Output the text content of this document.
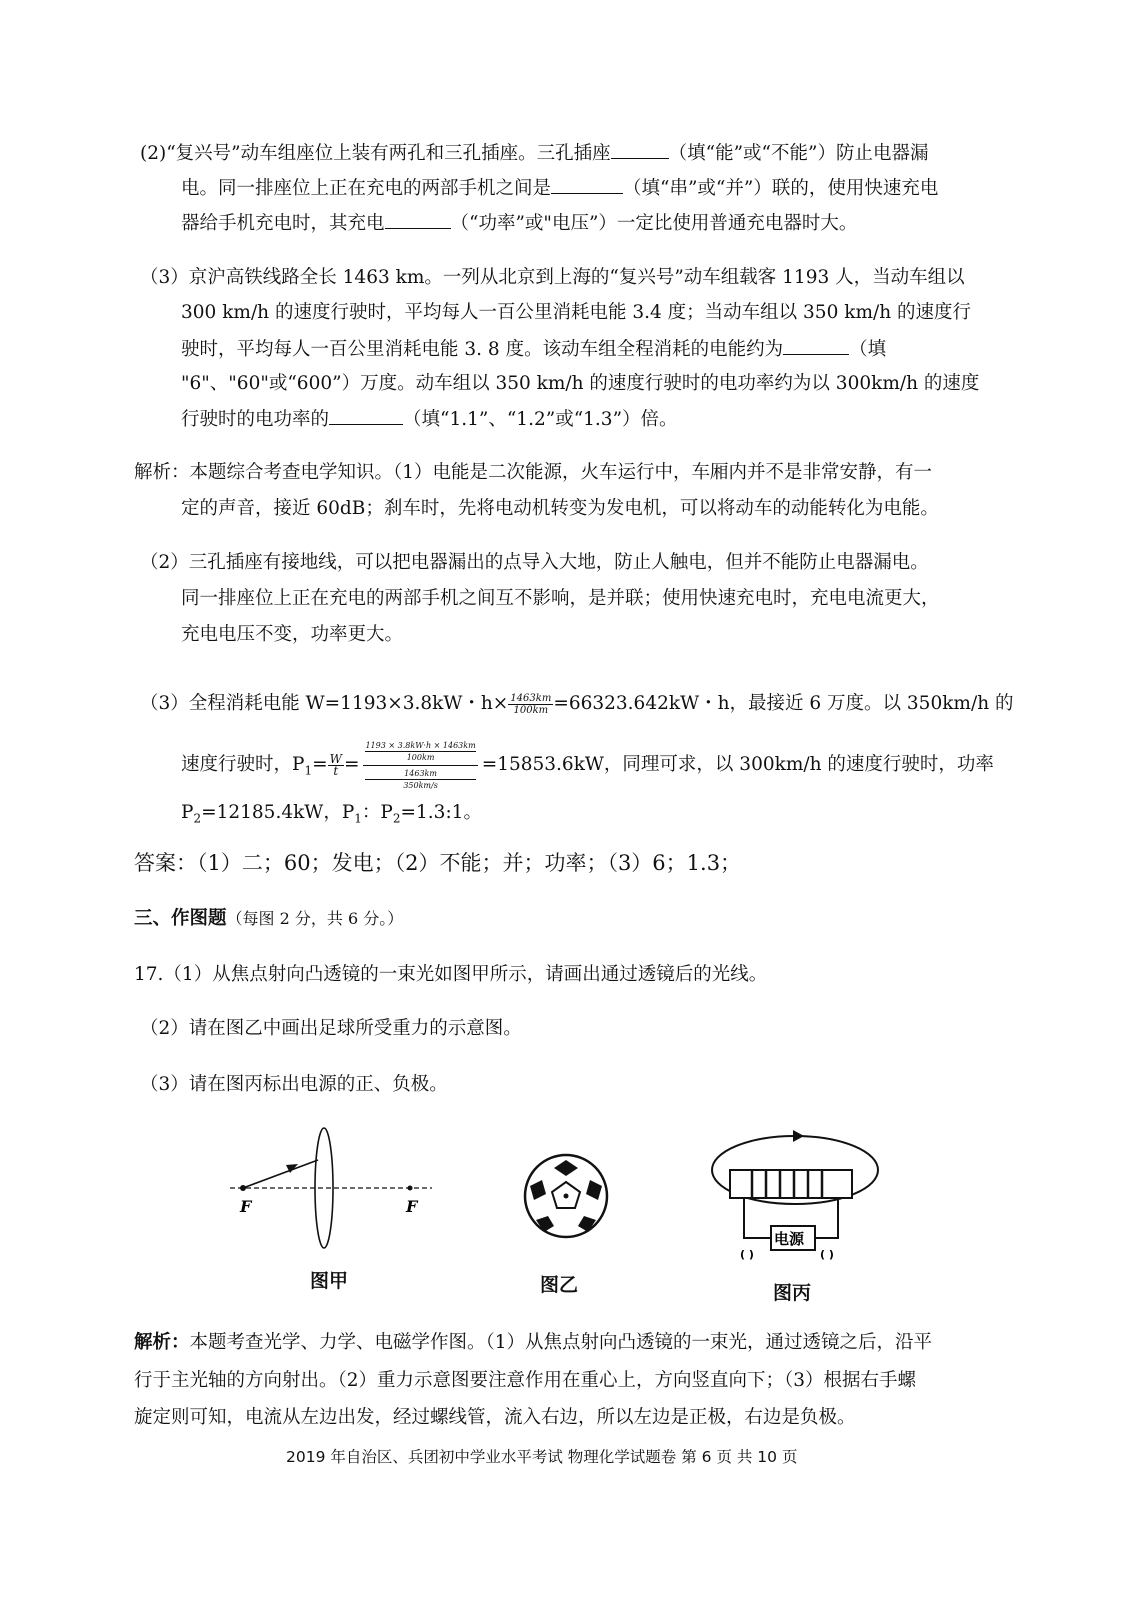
(2)“复兴号”动车组座位上装有两孔和三孔插座。三孔插座	（填“能”或“不能”）防止电器漏
电。同一排座位上正在充电的两部手机之间是	（填“串”或“并”）联的，使用快速充电
器给手机充电时，其充电	（“功率”或"电压”）一定比使用普通充电器时大。
（3）京沪高铁线路全长 1463 km。一列从北京到上海的“复兴号”动车组载客 1193 人，当动车组以
300 km/h 的速度行驶时，平均每人一百公里消耗电能 3.4 度；当动车组以 350 km/h 的速度行
驶时，平均每人一百公里消耗电能 3. 8 度。该动车组全程消耗的电能约为	（填
"6"、"60"或“600”）万度。动车组以 350 km/h 的速度行驶时的电功率约为以 300km/h 的速度
行驶时的电功率的	（填“1.1”、“1.2”或“1.3”）倍。
解析：本题综合考查电学知识。（1）电能是二次能源，火车运行中，车厢内并不是非常安静，有一
定的声音，接近 60dB；刹车时，先将电动机转变为发电机，可以将动车的动能转化为电能。
（2）三孔插座有接地线，可以把电器漏出的点导入大地，防止人触电，但并不能防止电器漏电。
同一排座位上正在充电的两部手机之间互不影响，是并联；使用快速充电时，充电电流更大，
充电电压不变，功率更大。
（3）全程消耗电能 W=1193×3.8kW・$h\times \frac{1463km}{100km} =66323.642kW$・h，最接近 6 万度。以 350km/h 的
速度行驶时，$P_1= \frac{W}{t} = 1193 \times 3.8kW\cdot h \times 1463km$
100km
1463km
350km/s =15853.6kW，同理可求，以 300km/h 的速度行驶时，功率
$P_2=12185.4kW$，$P_1$：$P_2=1.3:1$。
答案：（1）二；60；发电；（2）不能；并；功率；（3）6；1.3；
三、作图题（每图 2 分，共 6 分。）
17.（1）从焦点射向凸透镜的一束光如图甲所示，请画出通过透镜后的光线。
（2）请在图乙中画出足球所受重力的示意图。
（3）请在图丙标出电源的正、负极。
F	F
电源
( )	( )
图甲	图乙	图丙
解析：本题考查光学、力学、电磁学作图。（1）从焦点射向凸透镜的一束光，通过透镜之后，沿平
行于主光轴的方向射出。（2）重力示意图要注意作用在重心上，方向竖直向下；（3）根据右手螺
旋定则可知，电流从左边出发，经过螺线管，流入右边，所以左边是正极，右边是负极。
2019 年自治区、兵团初中学业水平考试 物理化学试题卷 第 6 页 共 10 页
